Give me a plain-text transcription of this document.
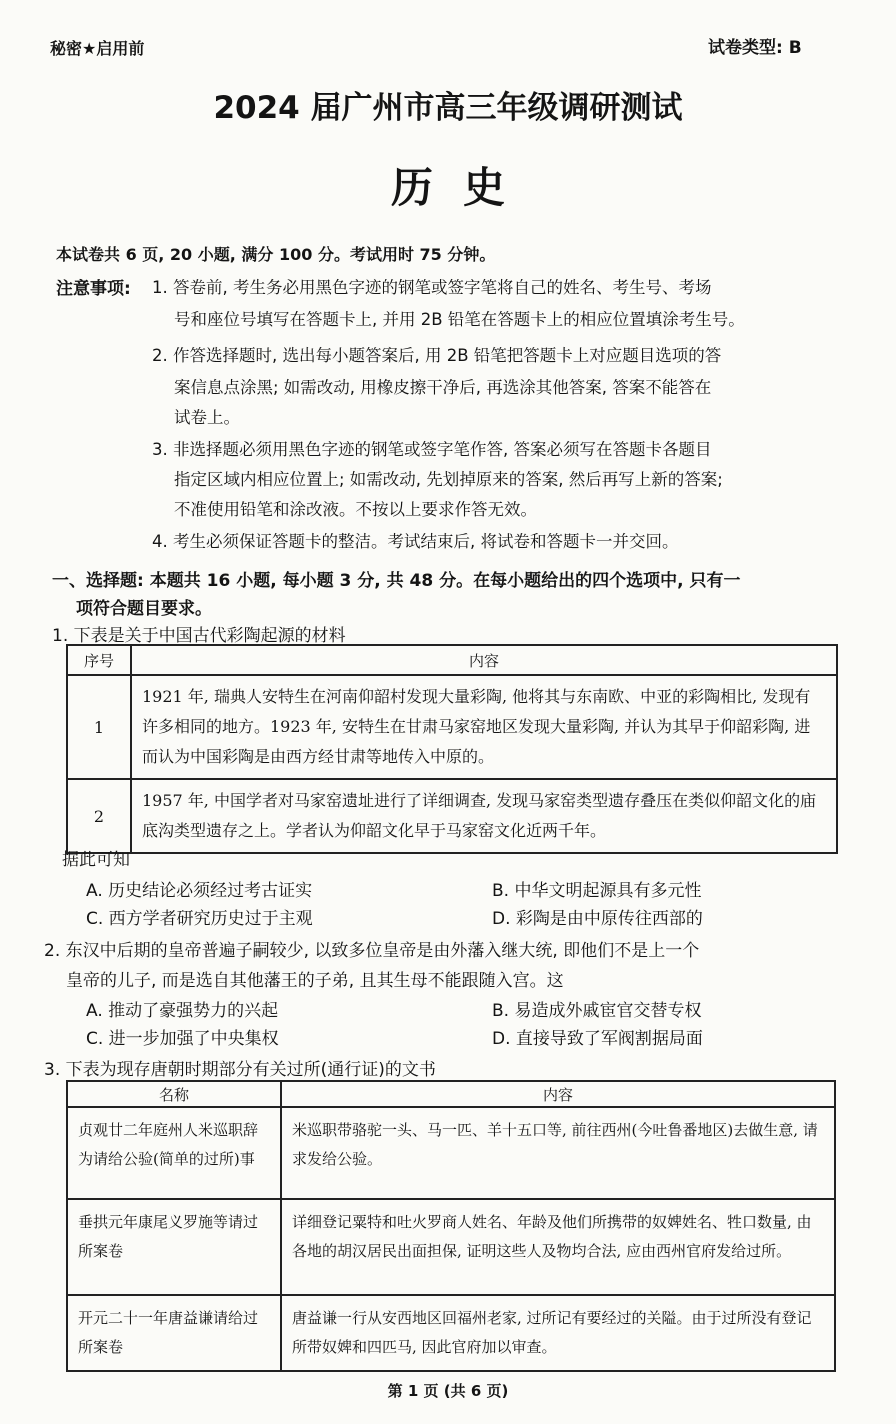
秘密★启用前	试卷类型: B
2024 届广州市高三年级调研测试
历史
本试卷共 6 页, 20 小题, 满分 100 分。考试用时 75 分钟。
注意事项: 1. 答卷前, 考生务必用黑色字迹的钢笔或签字笔将自己的姓名、考生号、考场
号和座位号填写在答题卡上, 并用 2B 铅笔在答题卡上的相应位置填涂考生号。
2. 作答选择题时, 选出每小题答案后, 用 2B 铅笔把答题卡上对应题目选项的答
案信息点涂黑; 如需改动, 用橡皮擦干净后, 再选涂其他答案, 答案不能答在
试卷上。
3. 非选择题必须用黑色字迹的钢笔或签字笔作答, 答案必须写在答题卡各题目
指定区域内相应位置上; 如需改动, 先划掉原来的答案, 然后再写上新的答案;
不准使用铅笔和涂改液。不按以上要求作答无效。
4. 考生必须保证答题卡的整洁。考试结束后, 将试卷和答题卡一并交回。
一、选择题: 本题共 16 小题, 每小题 3 分, 共 48 分。在每小题给出的四个选项中, 只有一
项符合题目要求。
1. 下表是关于中国古代彩陶起源的材料
序号	内容
1	1921 年, 瑞典人安特生在河南仰韶村发现大量彩陶, 他将其与东南欧、中亚的彩陶相比, 发现有许多相同的地方。1923 年, 安特生在甘肃马家窑地区发现大量彩陶, 并认为其早于仰韶彩陶, 进而认为中国彩陶是由西方经甘肃等地传入中原的。
2	1957 年, 中国学者对马家窑遗址进行了详细调查, 发现马家窑类型遗存叠压在类似仰韶文化的庙底沟类型遗存之上。学者认为仰韶文化早于马家窑文化近两千年。
据此可知
A. 历史结论必须经过考古证实	B. 中华文明起源具有多元性
C. 西方学者研究历史过于主观	D. 彩陶是由中原传往西部的
2. 东汉中后期的皇帝普遍子嗣较少, 以致多位皇帝是由外藩入继大统, 即他们不是上一个
皇帝的儿子, 而是选自其他藩王的子弟, 且其生母不能跟随入宫。这
A. 推动了豪强势力的兴起	B. 易造成外戚宦官交替专权
C. 进一步加强了中央集权	D. 直接导致了军阀割据局面
3. 下表为现存唐朝时期部分有关过所(通行证)的文书
名称	内容
贞观廿二年庭州人米巡职辞为请给公验(简单的过所)事	米巡职带骆驼一头、马一匹、羊十五口等, 前往西州(今吐鲁番地区)去做生意, 请求发给公验。
垂拱元年康尾义罗施等请过所案卷	详细登记粟特和吐火罗商人姓名、年龄及他们所携带的奴婢姓名、牲口数量, 由各地的胡汉居民出面担保, 证明这些人及物均合法, 应由西州官府发给过所。
开元二十一年唐益谦请给过所案卷	唐益谦一行从安西地区回福州老家, 过所记有要经过的关隘。由于过所没有登记所带奴婢和四匹马, 因此官府加以审查。
第 1 页 (共 6 页)
